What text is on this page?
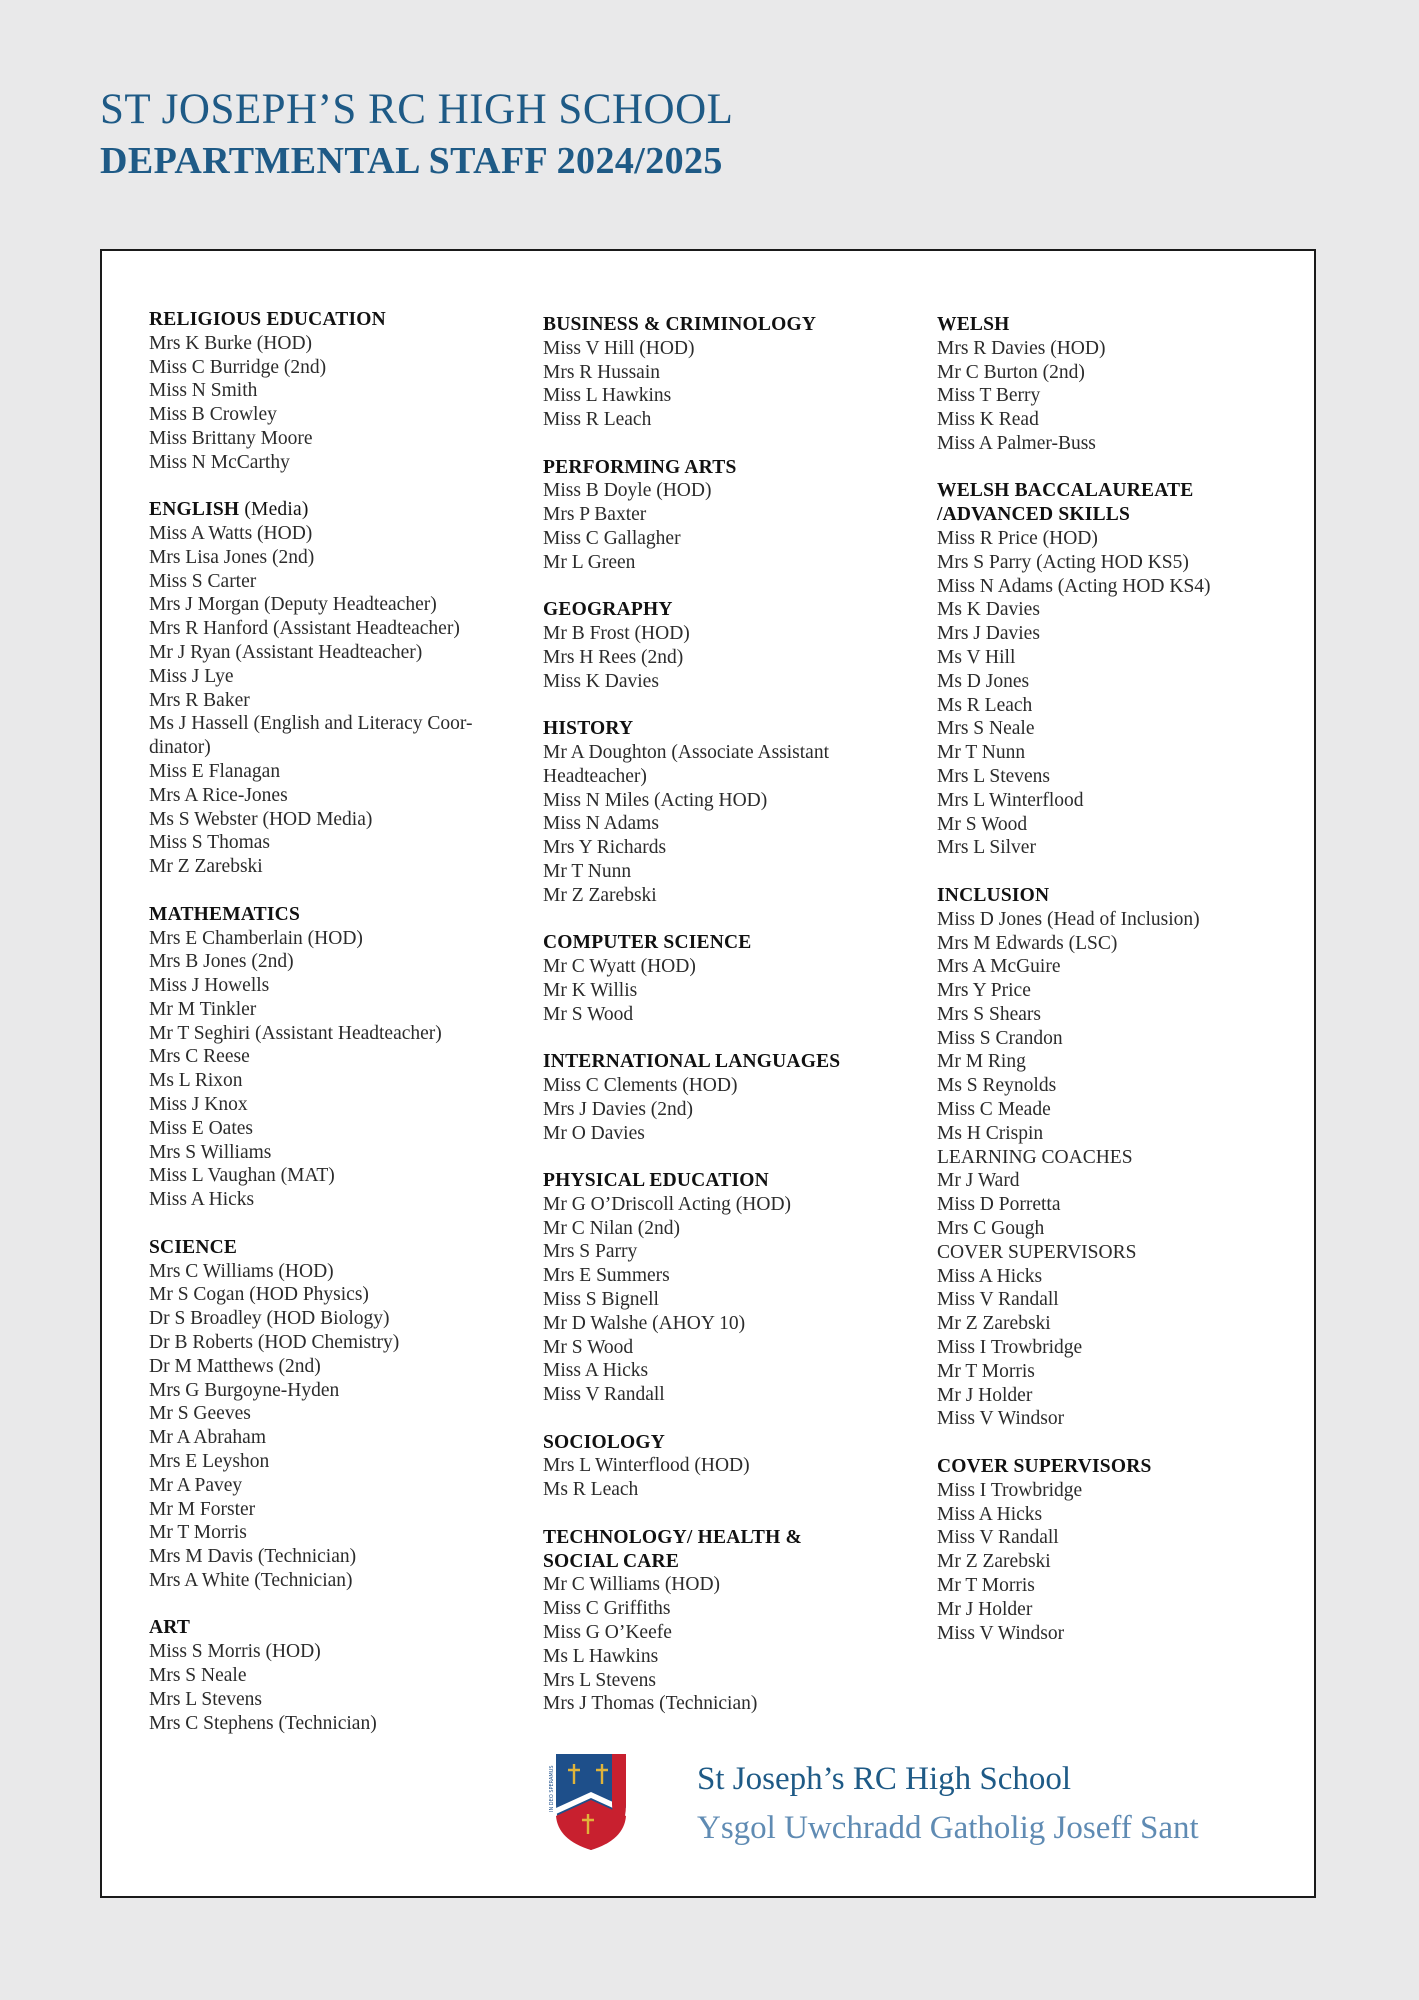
ST JOSEPH’S RC HIGH SCHOOL
DEPARTMENTAL STAFF 2024/2025
RELIGIOUS EDUCATION
Mrs K Burke (HOD)
Miss C Burridge (2nd)
Miss N Smith
Miss B Crowley
Miss Brittany Moore
Miss N McCarthy
ENGLISH (Media)
Miss A Watts (HOD)
Mrs Lisa Jones (2nd)
Miss S Carter
Mrs J Morgan (Deputy Headteacher)
Mrs R Hanford (Assistant Headteacher)
Mr J Ryan (Assistant Headteacher)
Miss J Lye
Mrs R Baker
Ms J Hassell (English and Literacy Coor-dinator)
Miss E Flanagan
Mrs A Rice-Jones
Ms S Webster (HOD Media)
Miss S Thomas
Mr Z Zarebski
MATHEMATICS
Mrs E Chamberlain (HOD)
Mrs B Jones (2nd)
Miss J Howells
Mr M Tinkler
Mr T Seghiri (Assistant Headteacher)
Mrs C Reese
Ms L Rixon
Miss J Knox
Miss E Oates
Mrs S Williams
Miss L Vaughan (MAT)
Miss A Hicks
SCIENCE
Mrs C Williams (HOD)
Mr S Cogan (HOD Physics)
Dr S Broadley (HOD Biology)
Dr B Roberts (HOD Chemistry)
Dr M Matthews (2nd)
Mrs G Burgoyne-Hyden
Mr S Geeves
Mr A Abraham
Mrs E Leyshon
Mr A Pavey
Mr M Forster
Mr T Morris
Mrs M Davis (Technician)
Mrs A White (Technician)
ART
Miss S Morris (HOD)
Mrs S Neale
Mrs L Stevens
Mrs C Stephens (Technician)
BUSINESS & CRIMINOLOGY
Miss V Hill (HOD)
Mrs R Hussain
Miss L Hawkins
Miss R Leach
PERFORMING ARTS
Miss B Doyle (HOD)
Mrs P Baxter
Miss C Gallagher
Mr L Green
GEOGRAPHY
Mr B Frost (HOD)
Mrs H Rees (2nd)
Miss K Davies
HISTORY
Mr A Doughton (Associate Assistant Headteacher)
Miss N Miles (Acting HOD)
Miss N Adams
Mrs Y Richards
Mr T Nunn
Mr Z Zarebski
COMPUTER SCIENCE
Mr C Wyatt (HOD)
Mr K Willis
Mr S Wood
INTERNATIONAL LANGUAGES
Miss C Clements (HOD)
Mrs J Davies (2nd)
Mr O Davies
PHYSICAL EDUCATION
Mr G O’Driscoll Acting (HOD)
Mr C Nilan (2nd)
Mrs S Parry
Mrs E Summers
Miss S Bignell
Mr D Walshe (AHOY 10)
Mr S Wood
Miss A Hicks
Miss V Randall
SOCIOLOGY
Mrs L Winterflood (HOD)
Ms R Leach
TECHNOLOGY/ HEALTH & SOCIAL CARE
Mr C Williams (HOD)
Miss C Griffiths
Miss G O’Keefe
Ms L Hawkins
Mrs L Stevens
Mrs J Thomas (Technician)
WELSH
Mrs R Davies (HOD)
Mr C Burton (2nd)
Miss T Berry
Miss K Read
Miss A Palmer-Buss
WELSH BACCALAUREATE /ADVANCED SKILLS
Miss R Price (HOD)
Mrs S Parry (Acting HOD KS5)
Miss N Adams (Acting HOD KS4)
Ms K Davies
Mrs J Davies
Ms V Hill
Ms D Jones
Ms R Leach
Mrs S Neale
Mr T Nunn
Mrs L Stevens
Mrs L Winterflood
Mr S Wood
Mrs L Silver
INCLUSION
Miss D Jones (Head of Inclusion)
Mrs M Edwards (LSC)
Mrs A McGuire
Mrs Y Price
Mrs S Shears
Miss S Crandon
Mr M Ring
Ms S Reynolds
Miss C Meade
Ms H Crispin
LEARNING COACHES
Mr J Ward
Miss D Porretta
Mrs C Gough
COVER SUPERVISORS
Miss A Hicks
Miss V Randall
Mr Z Zarebski
Miss I Trowbridge
Mr T Morris
Mr J Holder
Miss V Windsor
COVER SUPERVISORS
Miss I Trowbridge
Miss A Hicks
Miss V Randall
Mr Z Zarebski
Mr T Morris
Mr J Holder
Miss V Windsor
IN DEO SPERAMUS	St Joseph’s RC High School
Ysgol Uwchradd Gatholig Joseff Sant
